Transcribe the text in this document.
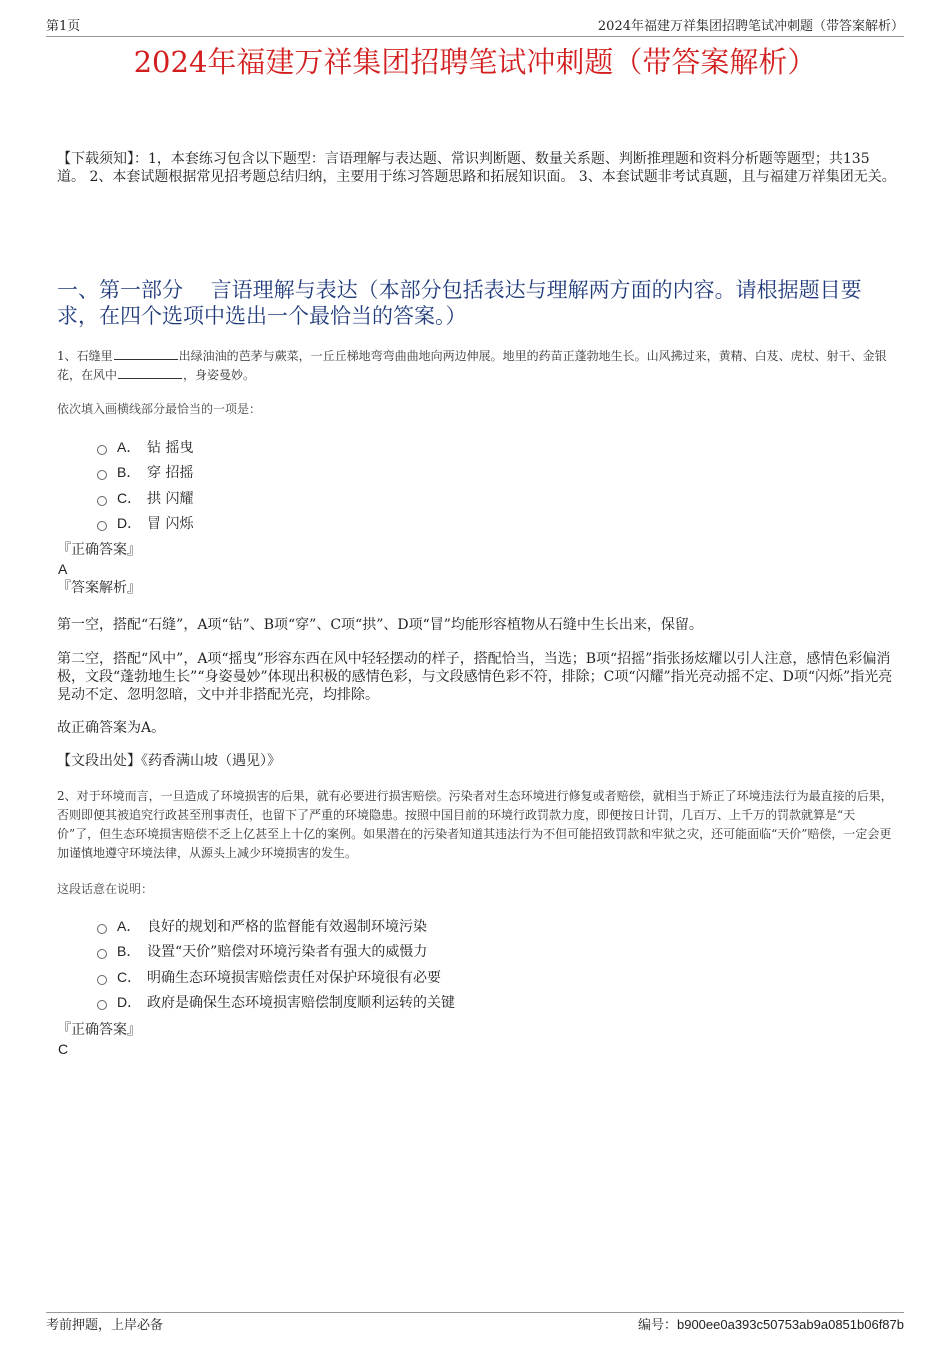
第1页	2024年福建万祥集团招聘笔试冲刺题（带答案解析）
2024年福建万祥集团招聘笔试冲刺题（带答案解析）
【下载须知】：1，本套练习包含以下题型：言语理解与表达题、常识判断题、数量关系题、判断推理题和资料分析题等题型；共135道。 2、本套试题根据常见招考题总结归纳，主要用于练习答题思路和拓展知识面。 3、本套试题非考试真题，且与福建万祥集团无关。
一、第一部分　 言语理解与表达（本部分包括表达与理解两方面的内容。请根据题目要求，在四个选项中选出一个最恰当的答案。）
1、石缝里	出绿油油的芭茅与蕨菜，一丘丘梯地弯弯曲曲地向两边伸展。地里的药苗正蓬勃地生长。山风拂过来，黄精、白芨、虎杖、射干、金银花，在风中	，身姿曼妙。
依次填入画横线部分最恰当的一项是：
A． 钻 摇曳
B． 穿 招摇
C． 拱 闪耀
D． 冒 闪烁
『正确答案』
A
『答案解析』

第一空，搭配“石缝”，A项“钻”、B项“穿”、C项“拱”、D项“冒”均能形容植物从石缝中生长出来，保留。

第二空，搭配“风中”，A项“摇曳”形容东西在风中轻轻摆动的样子，搭配恰当，当选；B项“招摇”指张扬炫耀以引人注意，感情色彩偏消极，文段“蓬勃地生长”“身姿曼妙”体现出积极的感情色彩，与文段感情色彩不符，排除；C项“闪耀”指光亮动摇不定、D项“闪烁”指光亮晃动不定、忽明忽暗，文中并非搭配光亮，均排除。

故正确答案为A。

【文段出处】《药香满山坡（遇见）》

2、对于环境而言，一旦造成了环境损害的后果，就有必要进行损害赔偿。污染者对生态环境进行修复或者赔偿，就相当于矫正了环境违法行为最直接的后果，否则即便其被追究行政甚至刑事责任，也留下了严重的环境隐患。按照中国目前的环境行政罚款力度，即便按日计罚，几百万、上千万的罚款就算是“天价”了，但生态环境损害赔偿不乏上亿甚至上十亿的案例。如果潜在的污染者知道其违法行为不但可能招致罚款和牢狱之灾，还可能面临“天价”赔偿，一定会更加谨慎地遵守环境法律，从源头上减少环境损害的发生。
这段话意在说明：
A． 良好的规划和严格的监督能有效遏制环境污染
B． 设置“天价”赔偿对环境污染者有强大的威慑力
C． 明确生态环境损害赔偿责任对保护环境很有必要
D． 政府是确保生态环境损害赔偿制度顺利运转的关键
『正确答案』
C
考前押题，上岸必备	编号：b900ee0a393c50753ab9a0851b06f87b
